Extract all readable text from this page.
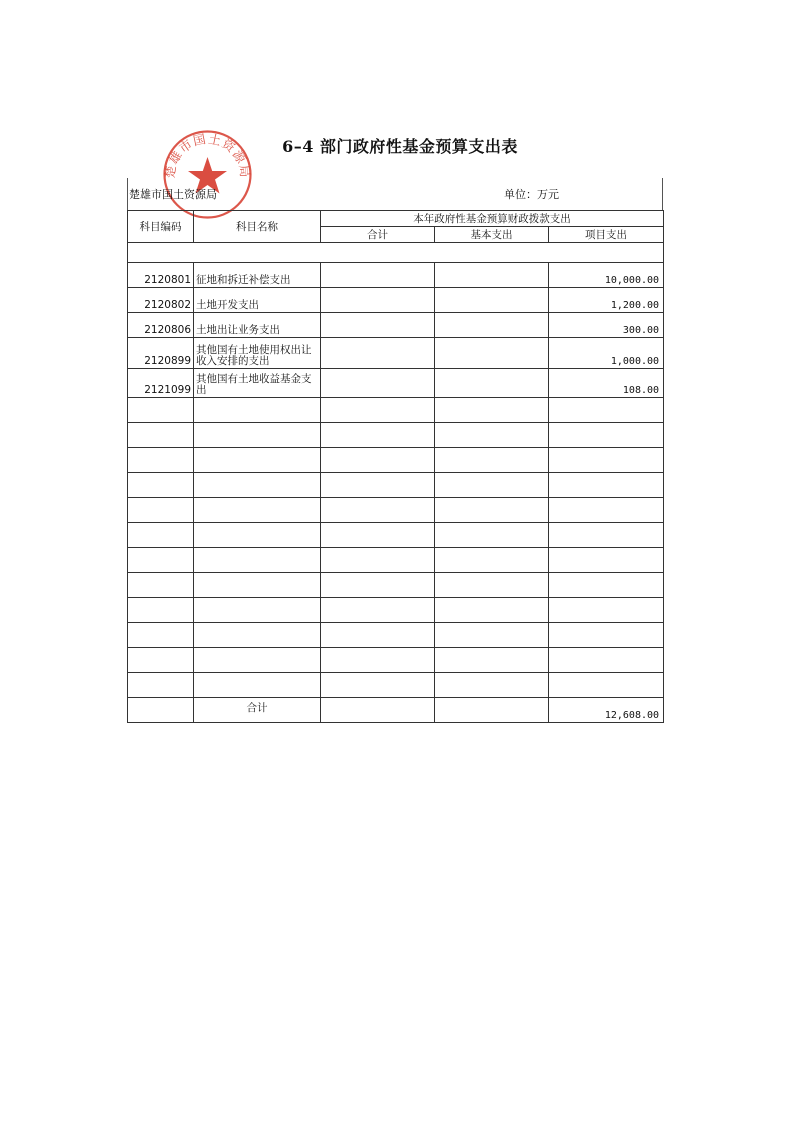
6–4 部门政府性基金预算支出表
楚雄市国土资源局
楚雄市国土资源局	单位：万元
科目编码	科目名称	本年政府性基金预算财政拨款支出		
		合计	基本支出	项目支出

2120801	征地和拆迁补偿支出			10,000.00
2120802	土地开发支出			1,200.00
2120806	土地出让业务支出			300.00
2120899	其他国有土地使用权出让收入安排的支出			1,000.00
2121099	其他国有土地收益基金支出			108.00

	合计			12,608.00
